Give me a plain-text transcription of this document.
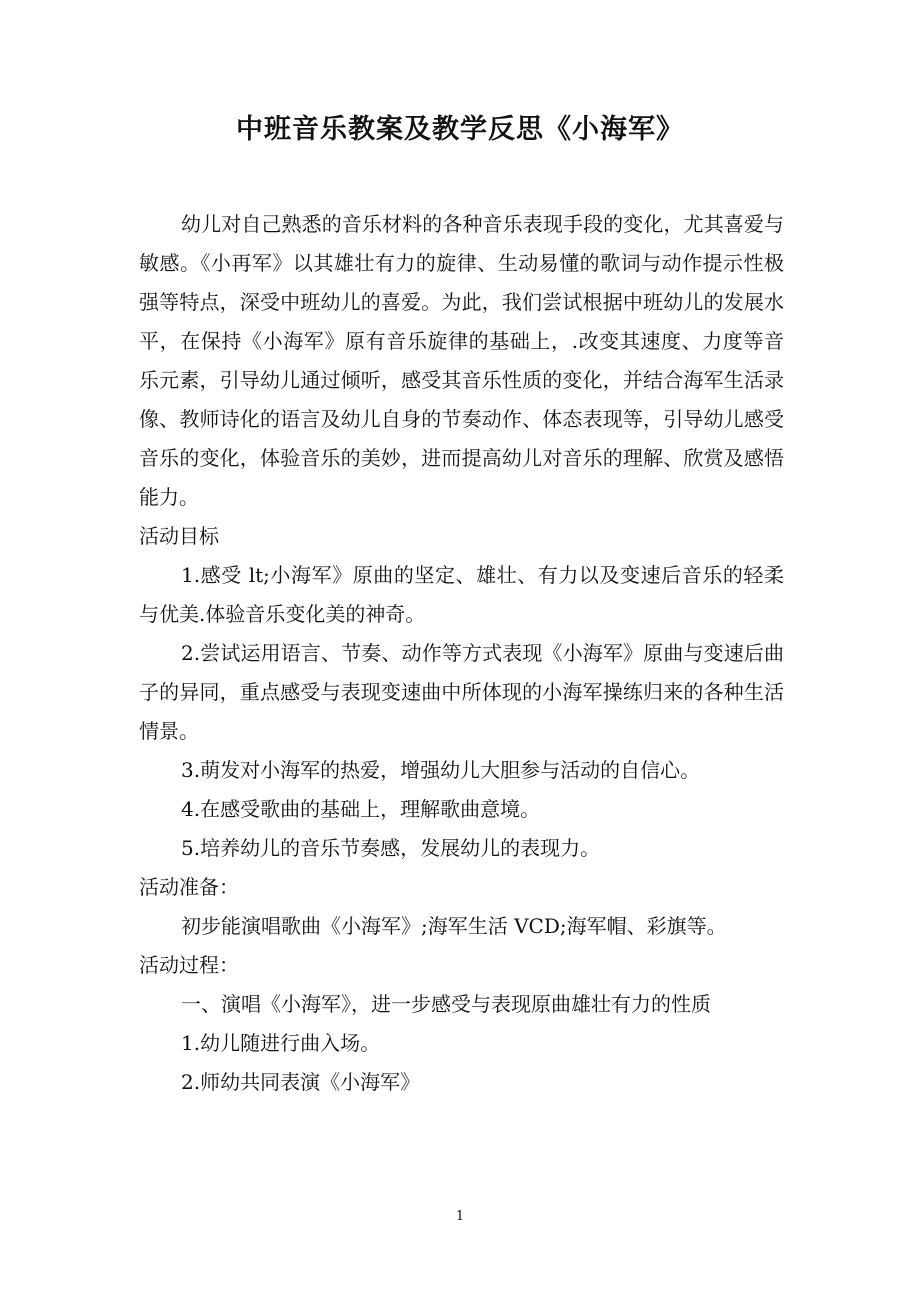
中班音乐教案及教学反思《小海军》

幼儿对自己熟悉的音乐材料的各种音乐表现手段的变化，尤其喜爱与敏感。《小再军》以其雄壮有力的旋律、生动易懂的歌词与动作提示性极强等特点，深受中班幼儿的喜爱。为此，我们尝试根据中班幼儿的发展水平，在保持《小海军》原有音乐旋律的基础上，.改变其速度、力度等音乐元素，引导幼儿通过倾听，感受其音乐性质的变化，并结合海军生活录像、教师诗化的语言及幼儿自身的节奏动作、体态表现等，引导幼儿感受音乐的变化，体验音乐的美妙，进而提高幼儿对音乐的理解、欣赏及感悟能力。

活动目标

1.感受 lt;小海军》原曲的坚定、雄壮、有力以及变速后音乐的轻柔与优美.体验音乐变化美的神奇。

2.尝试运用语言、节奏、动作等方式表现《小海军》原曲与变速后曲子的异同，重点感受与表现变速曲中所体现的小海军操练归来的各种生活情景。

3.萌发对小海军的热爱，增强幼儿大胆参与活动的自信心。

4.在感受歌曲的基础上，理解歌曲意境。

5.培养幼儿的音乐节奏感，发展幼儿的表现力。

活动准备：

初步能演唱歌曲《小海军》;海军生活 VCD;海军帽、彩旗等。

活动过程：

一、演唱《小海军》，进一步感受与表现原曲雄壮有力的性质

1.幼儿随进行曲入场。

2.师幼共同表演《小海军》

1
